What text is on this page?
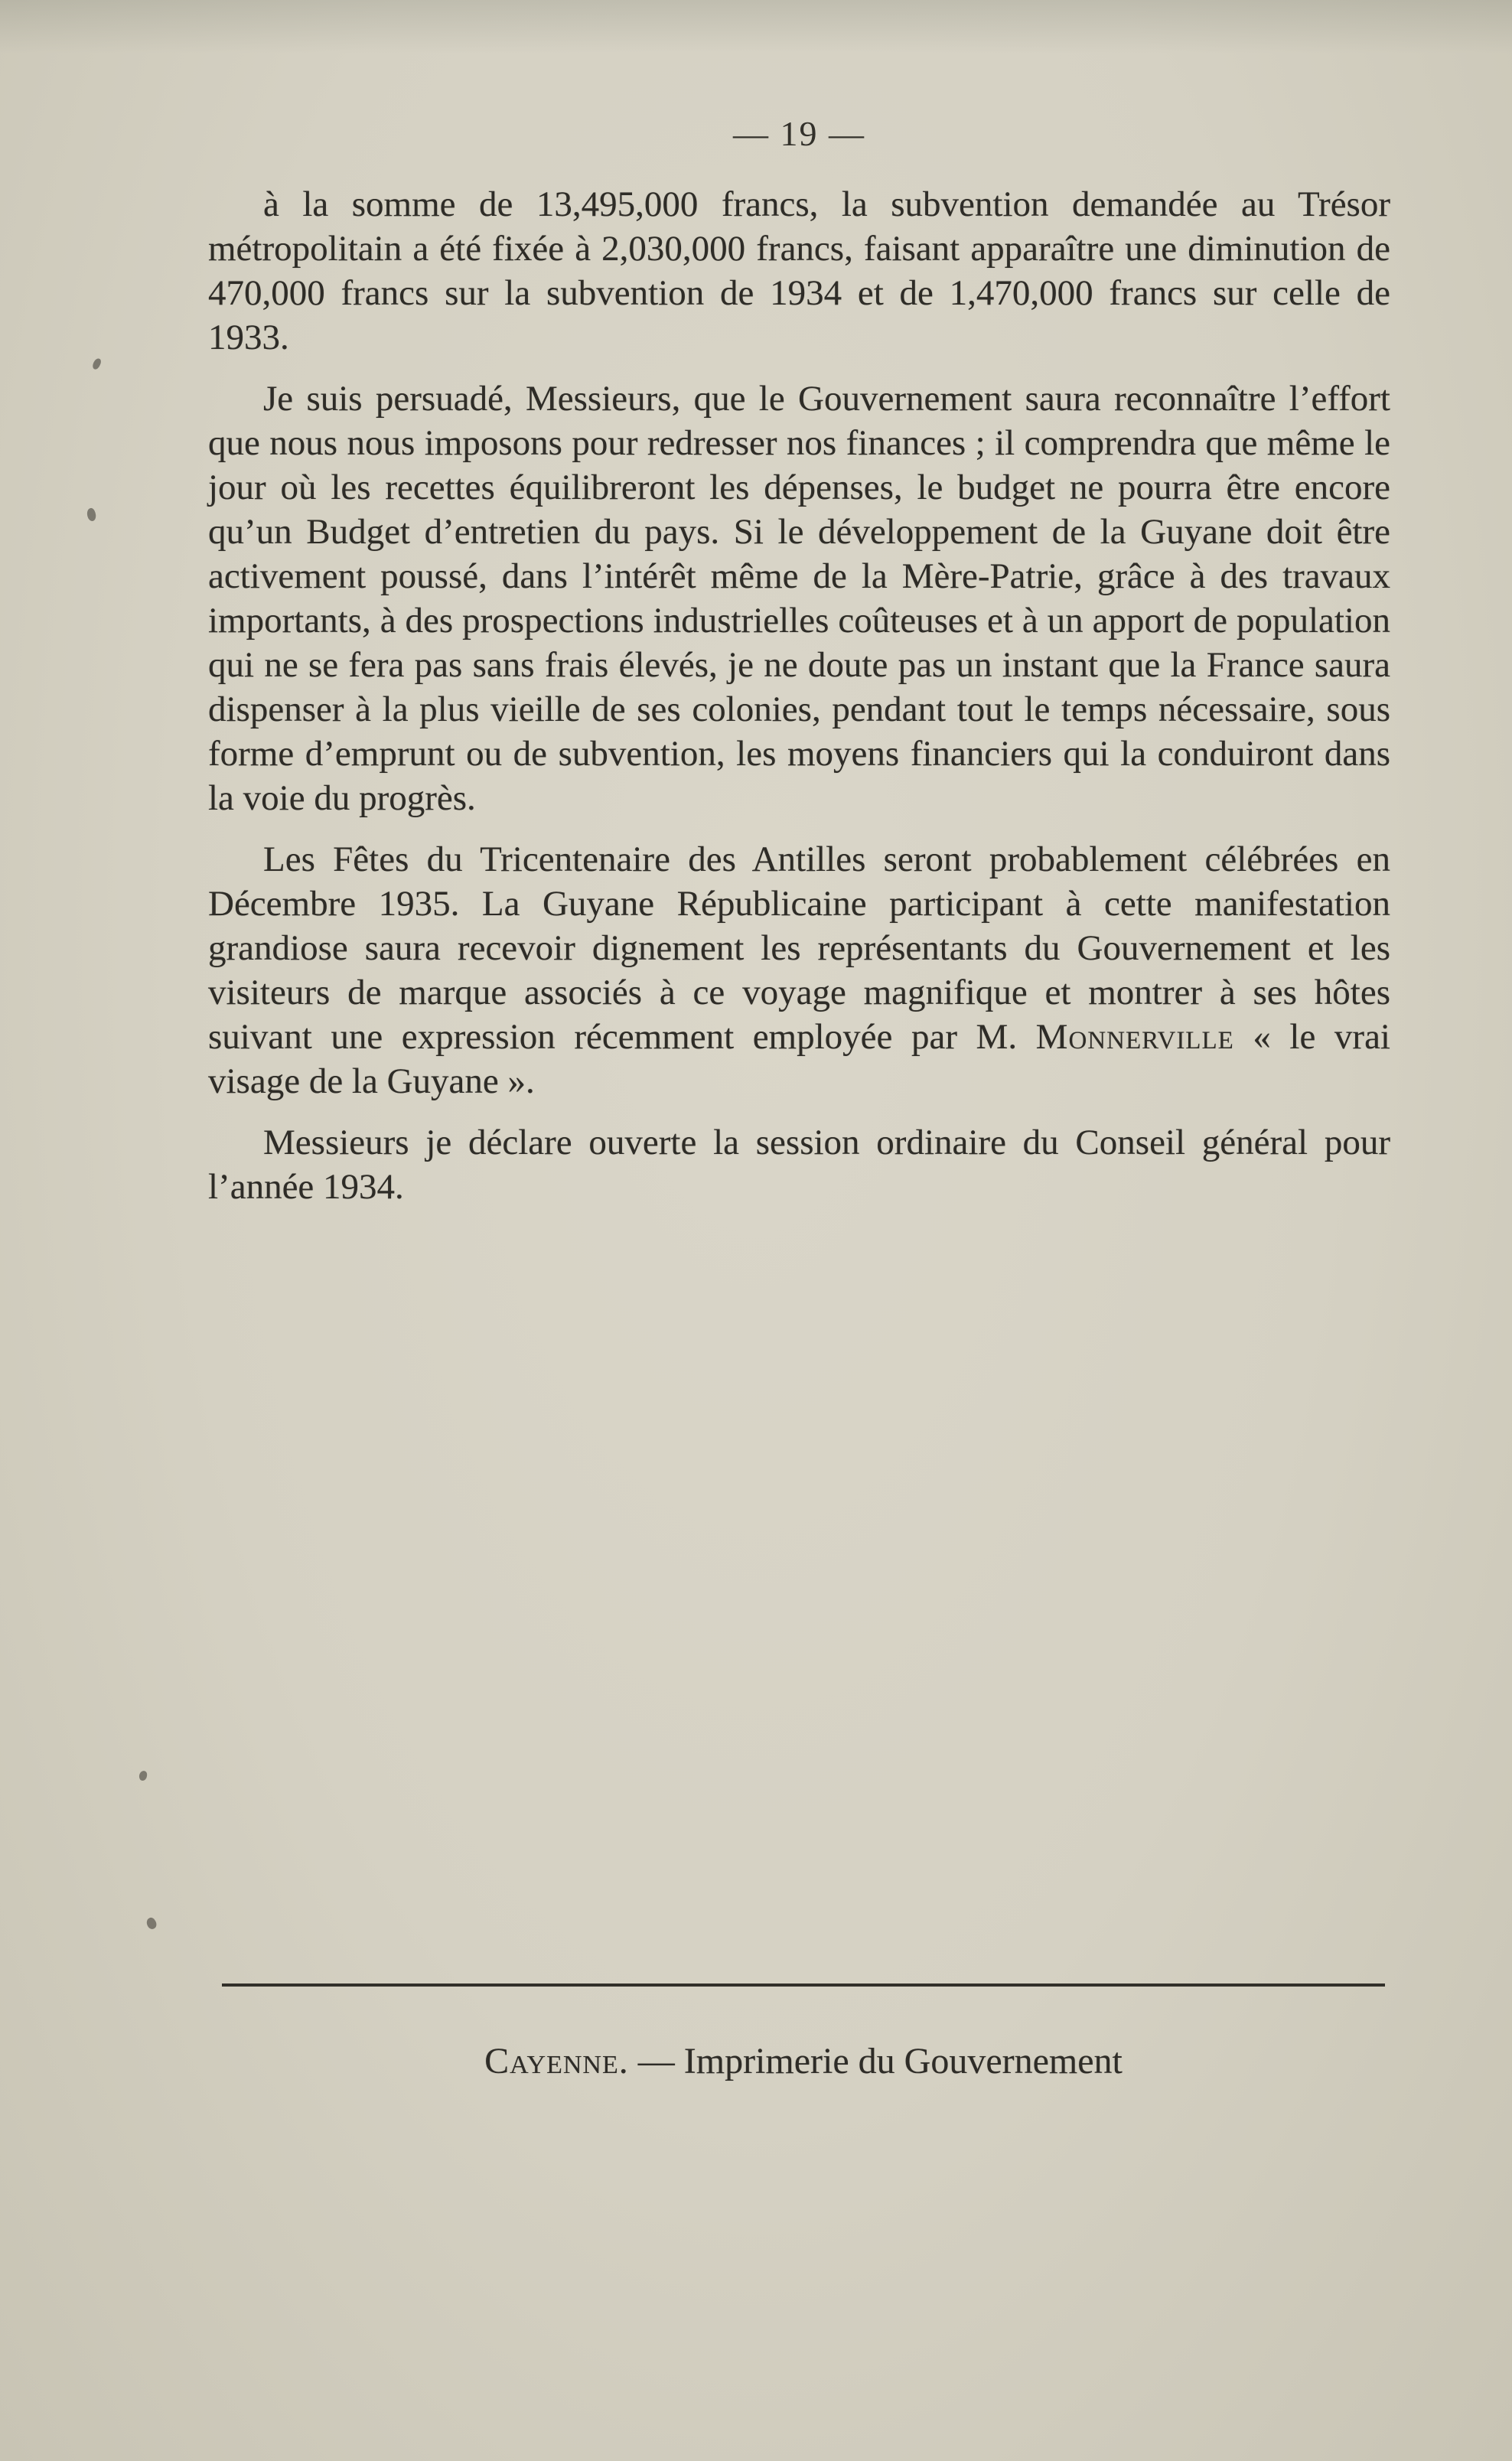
— 19 —

à la somme de 13,495,000 francs, la subvention demandée au Trésor métropolitain a été fixée à 2,030,000 francs, faisant apparaître une diminution de 470,000 francs sur la subvention de 1934 et de 1,470,000 francs sur celle de 1933.

Je suis persuadé, Messieurs, que le Gouvernement saura reconnaître l’effort que nous nous imposons pour redresser nos finances ; il comprendra que même le jour où les recettes équilibreront les dépenses, le budget ne pourra être encore qu’un Budget d’entretien du pays. Si le développement de la Guyane doit être activement poussé, dans l’intérêt même de la Mère-Patrie, grâce à des travaux importants, à des prospections industrielles coûteuses et à un apport de population qui ne se fera pas sans frais élevés, je ne doute pas un instant que la France saura dispenser à la plus vieille de ses colonies, pendant tout le temps nécessaire, sous forme d’emprunt ou de subvention, les moyens financiers qui la conduiront dans la voie du progrès.

Les Fêtes du Tricentenaire des Antilles seront probablement célébrées en Décembre 1935. La Guyane Républicaine participant à cette manifestation grandiose saura recevoir dignement les représentants du Gouvernement et les visiteurs de marque associés à ce voyage magnifique et montrer à ses hôtes suivant une expression récemment employée par M. Monnerville « le vrai visage de la Guyane ».

Messieurs je déclare ouverte la session ordinaire du Conseil général pour l’année 1934.

Cayenne. — Imprimerie du Gouvernement
